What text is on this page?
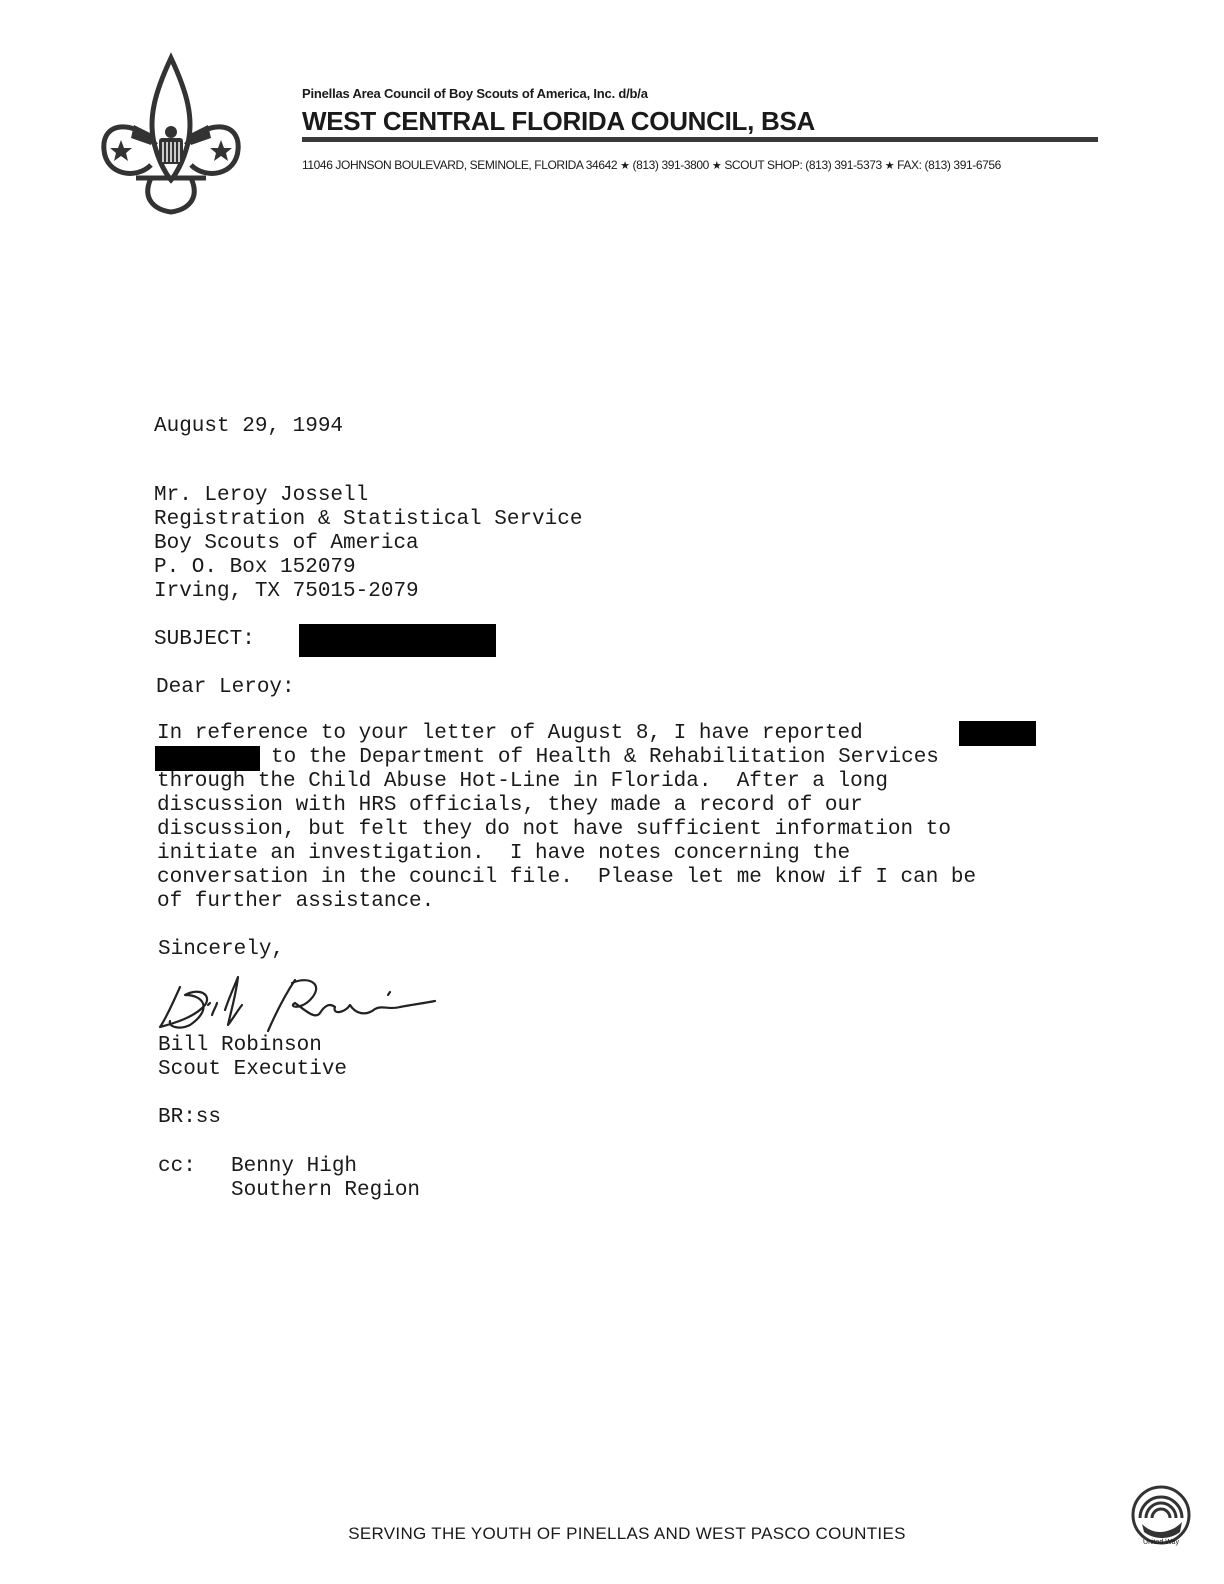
Pinellas Area Council of Boy Scouts of America, Inc. d/b/a
WEST CENTRAL FLORIDA COUNCIL, BSA
11046 JOHNSON BOULEVARD, SEMINOLE, FLORIDA 34642 ★ (813) 391-3800 ★ SCOUT SHOP: (813) 391-5373 ★ FAX: (813) 391-6756
August 29, 1994
Mr. Leroy Jossell
Registration & Statistical Service
Boy Scouts of America
P. O. Box 152079
Irving, TX 75015-2079
SUBJECT:
Dear Leroy:
In reference to your letter of August 8, I have reported
to the Department of Health & Rehabilitation Services
through the Child Abuse Hot-Line in Florida.  After a long
discussion with HRS officials, they made a record of our
discussion, but felt they do not have sufficient information to
initiate an investigation.  I have notes concerning the
conversation in the council file.  Please let me know if I can be
of further assistance.
Sincerely,
Bill Robinson
Scout Executive
BR:ss
cc: Benny High
Southern Region
SERVING THE YOUTH OF PINELLAS AND WEST PASCO COUNTIES	United Way
